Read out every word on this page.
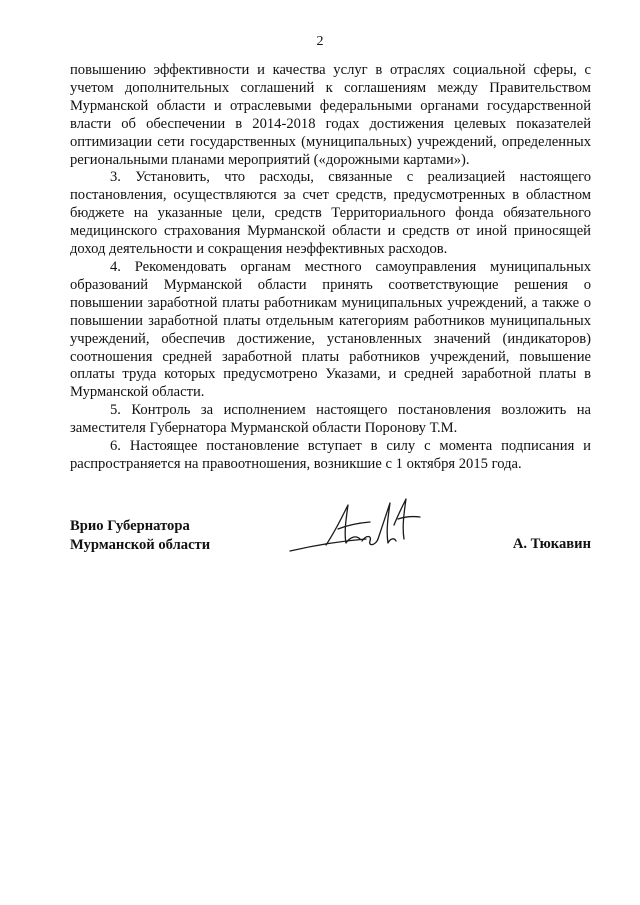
2

повышению эффективности и качества услуг в отраслях социальной сферы, с учетом дополнительных соглашений к соглашениям между Правительством Мурманской области и отраслевыми федеральными органами государственной власти об обеспечении в 2014-2018 годах достижения целевых показателей оптимизации сети государственных (муниципальных) учреждений, определенных региональными планами мероприятий («дорожными картами»).

3. Установить, что расходы, связанные с реализацией настоящего постановления, осуществляются за счет средств, предусмотренных в областном бюджете на указанные цели, средств Территориального фонда обязательного медицинского страхования Мурманской области и средств от иной приносящей доход деятельности и сокращения неэффективных расходов.

4. Рекомендовать органам местного самоуправления муниципальных образований Мурманской области принять соответствующие решения о повышении заработной платы работникам муниципальных учреждений, а также о повышении заработной платы отдельным категориям работников муниципальных учреждений, обеспечив достижение, установленных значений (индикаторов) соотношения средней заработной платы работников учреждений, повышение оплаты труда которых предусмотрено Указами, и средней заработной платы в Мурманской области.

5. Контроль за исполнением настоящего постановления возложить на заместителя Губернатора Мурманской области Поронову Т.М.

6. Настоящее постановление вступает в силу с момента подписания и распространяется на правоотношения, возникшие с 1 октября 2015 года.

Врио Губернатора
Мурманской области	А. Тюкавин
